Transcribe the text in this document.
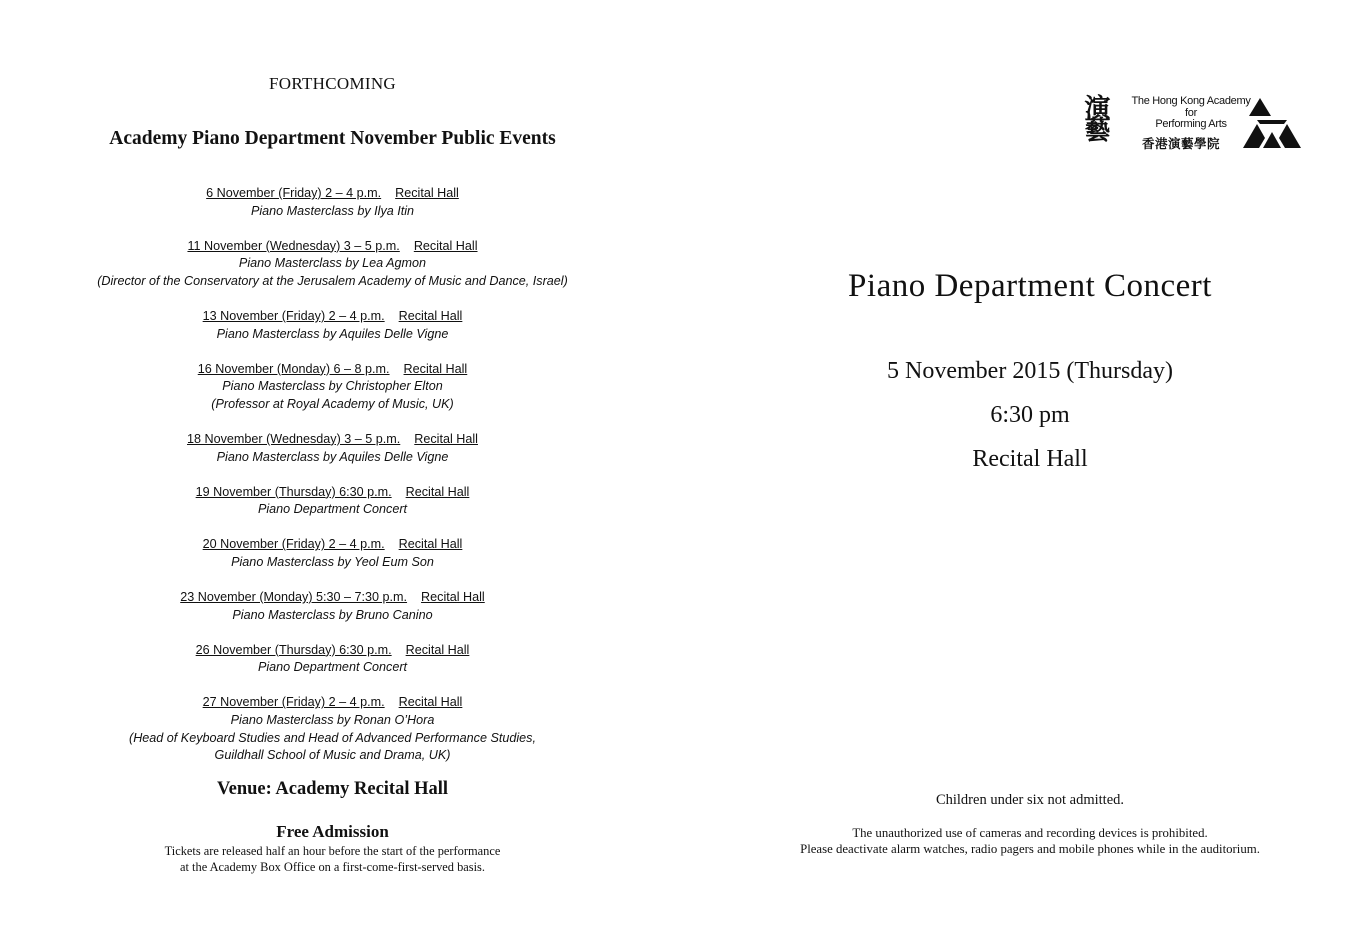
FORTHCOMING
Academy Piano Department November Public Events
6 November (Friday) 2 – 4 p.m. Recital Hall
Piano Masterclass by Ilya Itin
11 November (Wednesday) 3 – 5 p.m. Recital Hall
Piano Masterclass by Lea Agmon
(Director of the Conservatory at the Jerusalem Academy of Music and Dance, Israel)
13 November (Friday) 2 – 4 p.m. Recital Hall
Piano Masterclass by Aquiles Delle Vigne
16 November (Monday) 6 – 8 p.m. Recital Hall
Piano Masterclass by Christopher Elton
(Professor at Royal Academy of Music, UK)
18 November (Wednesday) 3 – 5 p.m. Recital Hall
Piano Masterclass by Aquiles Delle Vigne
19 November (Thursday) 6:30 p.m. Recital Hall
Piano Department Concert
20 November (Friday) 2 – 4 p.m. Recital Hall
Piano Masterclass by Yeol Eum Son
23 November (Monday) 5:30 – 7:30 p.m. Recital Hall
Piano Masterclass by Bruno Canino
26 November (Thursday) 6:30 p.m. Recital Hall
Piano Department Concert
27 November (Friday) 2 – 4 p.m. Recital Hall
Piano Masterclass by Ronan O’Hora
(Head of Keyboard Studies and Head of Advanced Performance Studies,
Guildhall School of Music and Drama, UK)
Venue: Academy Recital Hall
Free Admission
Tickets are released half an hour before the start of the performance
at the Academy Box Office on a first-come-first-served basis.
演藝	The Hong Kong Academy
for
Performing Arts
香港演藝學院
Piano Department Concert
5 November 2015 (Thursday)
6:30 pm
Recital Hall
Children under six not admitted.
The unauthorized use of cameras and recording devices is prohibited.
Please deactivate alarm watches, radio pagers and mobile phones while in the auditorium.
